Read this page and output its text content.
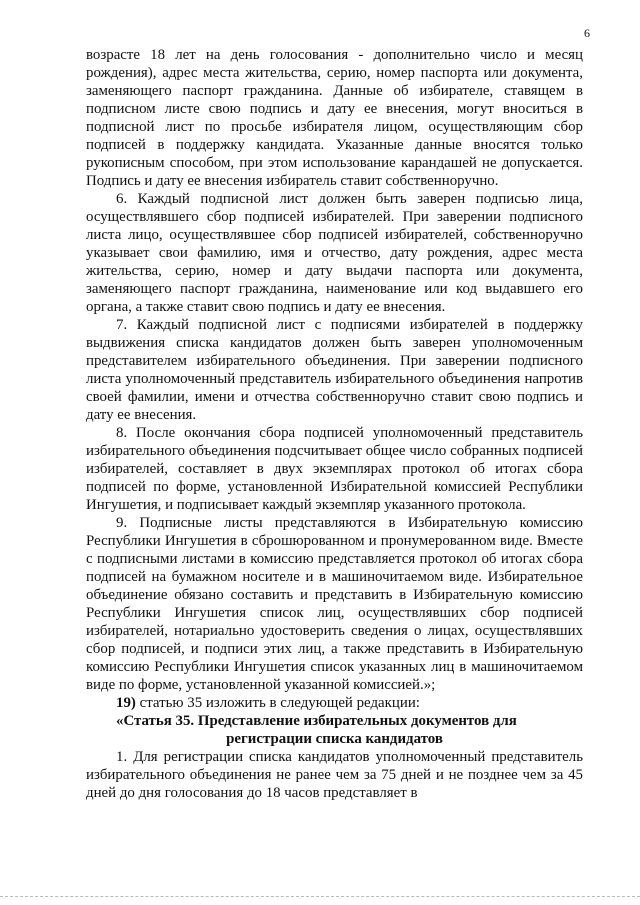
6

возрасте 18 лет на день голосования - дополнительно число и месяц рождения), адрес места жительства, серию, номер паспорта или документа, заменяющего паспорт гражданина. Данные об избирателе, ставящем в подписном листе свою подпись и дату ее внесения, могут вноситься в подписной лист по просьбе избирателя лицом, осуществляющим сбор подписей в поддержку кандидата. Указанные данные вносятся только рукописным способом, при этом использование карандашей не допускается. Подпись и дату ее внесения избиратель ставит собственноручно.

6. Каждый подписной лист должен быть заверен подписью лица, осуществлявшего сбор подписей избирателей. При заверении подписного листа лицо, осуществлявшее сбор подписей избирателей, собственноручно указывает свои фамилию, имя и отчество, дату рождения, адрес места жительства, серию, номер и дату выдачи паспорта или документа, заменяющего паспорт гражданина, наименование или код выдавшего его органа, а также ставит свою подпись и дату ее внесения.

7. Каждый подписной лист с подписями избирателей в поддержку выдвижения списка кандидатов должен быть заверен уполномоченным представителем избирательного объединения. При заверении подписного листа уполномоченный представитель избирательного объединения напротив своей фамилии, имени и отчества собственноручно ставит свою подпись и дату ее внесения.

8. После окончания сбора подписей уполномоченный представитель избирательного объединения подсчитывает общее число собранных подписей избирателей, составляет в двух экземплярах протокол об итогах сбора подписей по форме, установленной Избирательной комиссией Республики Ингушетия, и подписывает каждый экземпляр указанного протокола.

9. Подписные листы представляются в Избирательную комиссию Республики Ингушетия в сброшюрованном и пронумерованном виде. Вместе с подписными листами в комиссию представляется протокол об итогах сбора подписей на бумажном носителе и в машиночитаемом виде. Избирательное объединение обязано составить и представить в Избирательную комиссию Республики Ингушетия список лиц, осуществлявших сбор подписей избирателей, нотариально удостоверить сведения о лицах, осуществлявших сбор подписей, и подписи этих лиц, а также представить в Избирательную комиссию Республики Ингушетия список указанных лиц в машиночитаемом виде по форме, установленной указанной комиссией.»;

19) статью 35 изложить в следующей редакции:

«Статья 35. Представление избирательных документов для

регистрации списка кандидатов

1. Для регистрации списка кандидатов уполномоченный представитель избирательного объединения не ранее чем за 75 дней и не позднее чем за 45 дней до дня голосования до 18 часов представляет в
